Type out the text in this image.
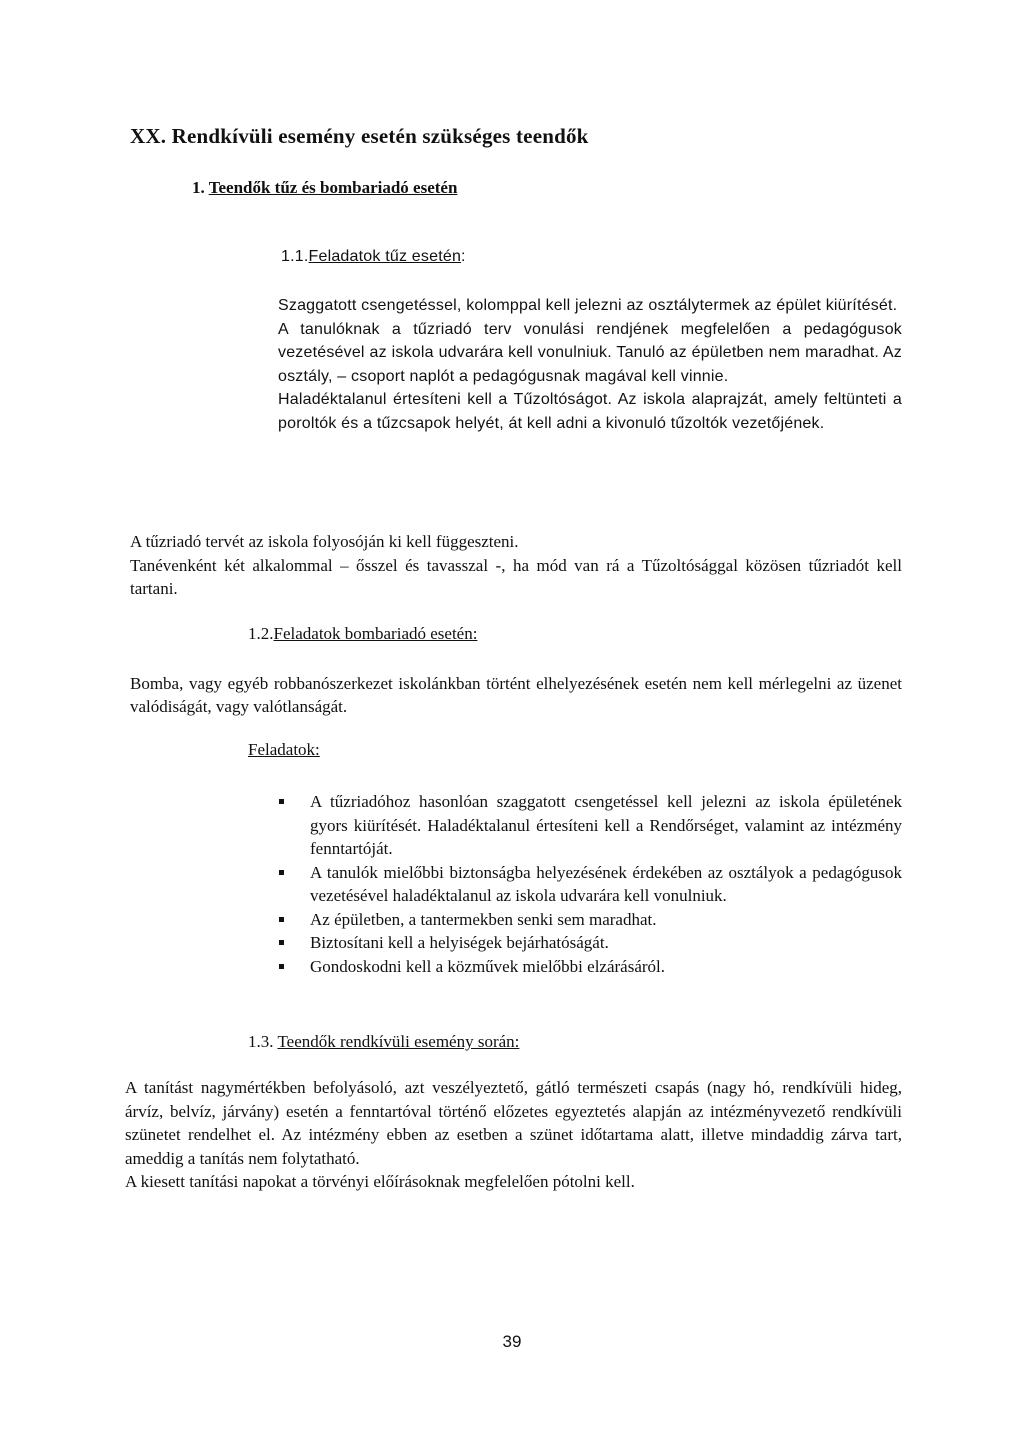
XX. Rendkívüli esemény esetén szükséges teendők
1. Teendők tűz és bombariadó esetén
1.1.Feladatok tűz esetén:

Szaggatott csengetéssel, kolomppal kell jelezni az osztálytermek az épület kiürítését.

A tanulóknak a tűzriadó terv vonulási rendjének megfelelően a pedagógusok vezetésével az iskola udvarára kell vonulniuk. Tanuló az épületben nem maradhat. Az osztály, – csoport naplót a pedagógusnak magával kell vinnie.

Haladéktalanul értesíteni kell a Tűzoltóságot. Az iskola alaprajzát, amely feltünteti a poroltók és a tűzcsapok helyét, át kell adni a kivonuló tűzoltók vezetőjének.

A tűzriadó tervét az iskola folyosóján ki kell függeszteni.

Tanévenként két alkalommal – ősszel és tavasszal -, ha mód van rá a Tűzoltósággal közösen tűzriadót kell tartani.

1.2.Feladatok bombariadó esetén:

Bomba, vagy egyéb robbanószerkezet iskolánkban történt elhelyezésének esetén nem kell mérlegelni az üzenet valódiságát, vagy valótlanságát.

Feladatok:
A tűzriadóhoz hasonlóan szaggatott csengetéssel kell jelezni az iskola épületének gyors kiürítését. Haladéktalanul értesíteni kell a Rendőrséget, valamint az intézmény fenntartóját.
A tanulók mielőbbi biztonságba helyezésének érdekében az osztályok a pedagógusok vezetésével haladéktalanul az iskola udvarára kell vonulniuk.
Az épületben, a tantermekben senki sem maradhat.
Biztosítani kell a helyiségek bejárhatóságát.
Gondoskodni kell a közművek mielőbbi elzárásáról.
1.3. Teendők rendkívüli esemény során:

A tanítást nagymértékben befolyásoló, azt veszélyeztető, gátló természeti csapás (nagy hó, rendkívüli hideg, árvíz, belvíz, járvány) esetén a fenntartóval történő előzetes egyeztetés alapján az intézményvezető rendkívüli szünetet rendelhet el. Az intézmény ebben az esetben a szünet időtartama alatt, illetve mindaddig zárva tart, ameddig a tanítás nem folytatható.

A kiesett tanítási napokat a törvényi előírásoknak megfelelően pótolni kell.

39
